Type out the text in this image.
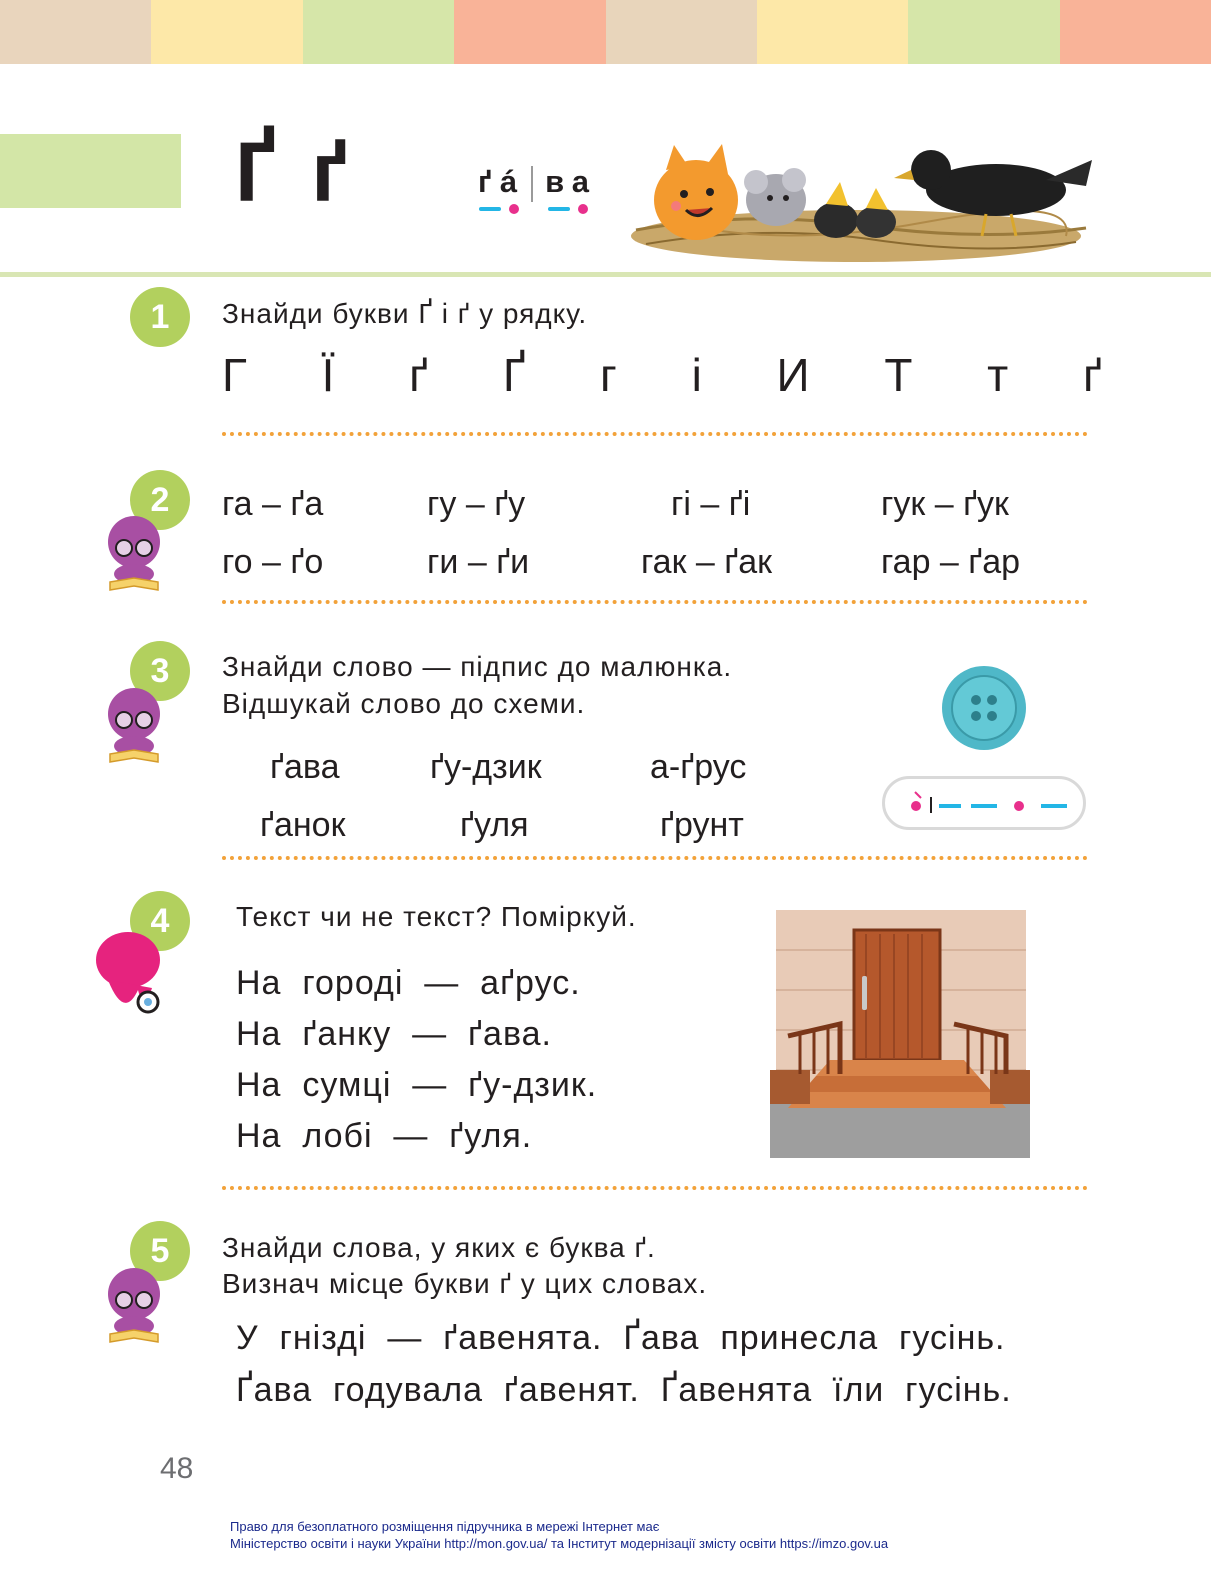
Ґ ґ	ґá ва
1	Знайди букви Ґ і ґ у рядку.
Г Ї ґ Ґ г і И Т т ґ
2	га – ґа	гу – ґу	гі – ґі	гук – ґук
го – ґо	ги – ґи	гак – ґак	гар – ґар
3	Знайди слово — підпис до малюнка.
Відшукай слово до схеми.
ґава	ґу-дзик	а-ґрус
ґанок	ґуля	ґрунт
4	Текст чи не текст? Поміркуй.
На  городі  —  аґрус.
На  ґанку  —  ґава.
На  сумці  —  ґу-дзик.
На  лобі  —  ґуля.
5	Знайди слова, у яких є буква ґ.
Визнач місце букви ґ у цих словах.
У  гнізді  —  ґавенята.  Ґава  принесла  гусінь.
Ґава  годувала  ґавенят.  Ґавенята  їли  гусінь.
48
Право для безоплатного розміщення підручника в мережі Інтернет має
Міністерство освіти і науки України http://mon.gov.ua/ та Інститут модернізації змісту освіти https://imzo.gov.ua
